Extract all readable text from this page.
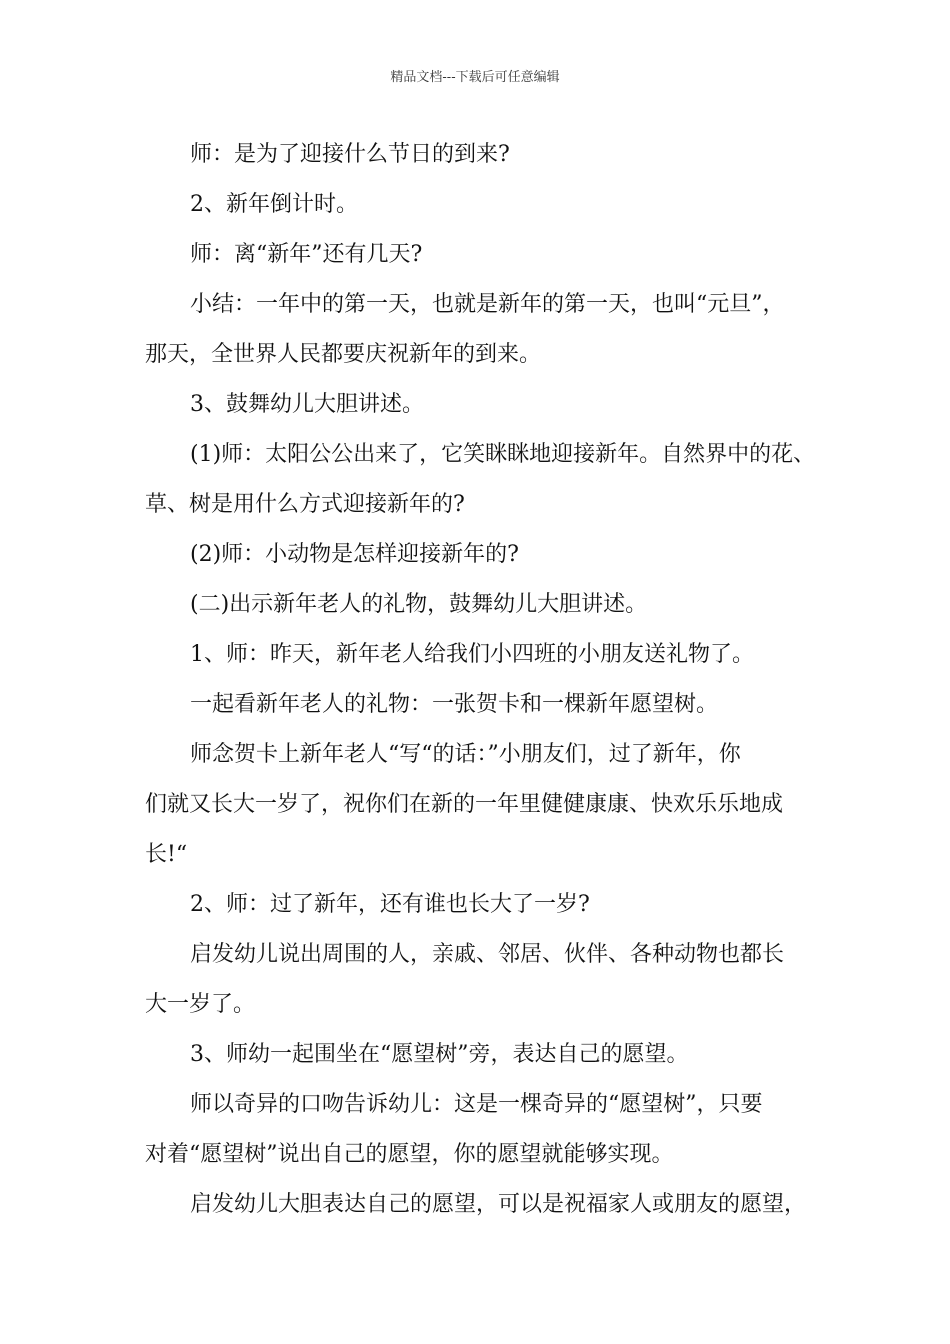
精品文档---下载后可任意编辑
师：是为了迎接什么节日的到来?
2、新年倒计时。
师：离“新年”还有几天?
小结：一年中的第一天，也就是新年的第一天，也叫“元旦”，
那天，全世界人民都要庆祝新年的到来。
3、鼓舞幼儿大胆讲述。
(1)师：太阳公公出来了，它笑眯眯地迎接新年。自然界中的花、
草、树是用什么方式迎接新年的?
(2)师：小动物是怎样迎接新年的?
(二)出示新年老人的礼物，鼓舞幼儿大胆讲述。
1、师：昨天，新年老人给我们小四班的小朋友送礼物了。
一起看新年老人的礼物：一张贺卡和一棵新年愿望树。
师念贺卡上新年老人“写“的话：”小朋友们，过了新年，你
们就又长大一岁了，祝你们在新的一年里健健康康、快欢乐乐地成
长!“
2、师：过了新年，还有谁也长大了一岁?
启发幼儿说出周围的人，亲戚、邻居、伙伴、各种动物也都长
大一岁了。
3、师幼一起围坐在“愿望树”旁，表达自己的愿望。
师以奇异的口吻告诉幼儿：这是一棵奇异的“愿望树”，只要
对着“愿望树”说出自己的愿望，你的愿望就能够实现。
启发幼儿大胆表达自己的愿望，可以是祝福家人或朋友的愿望，
